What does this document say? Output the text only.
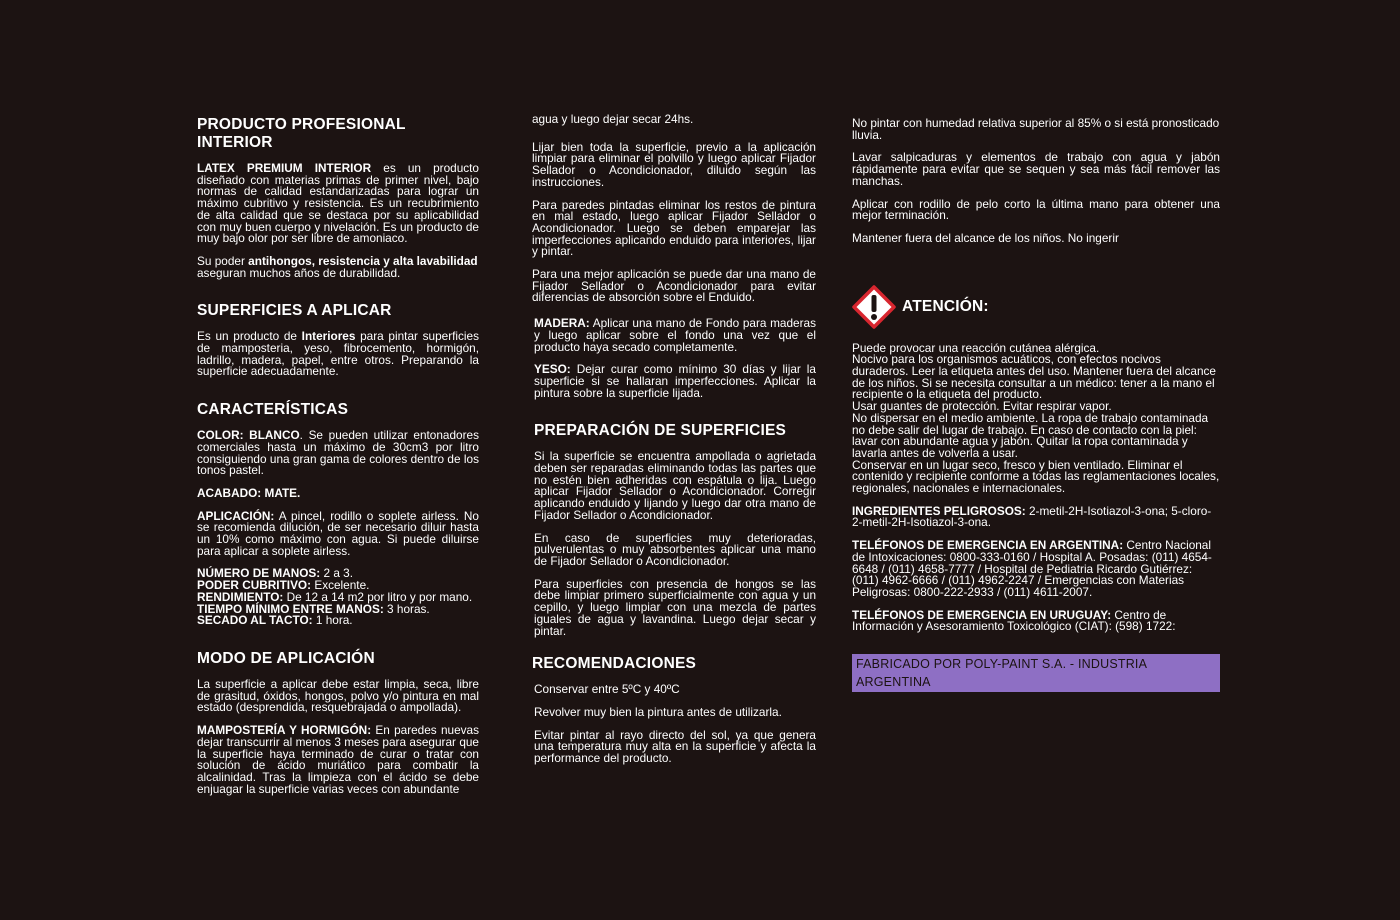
PRODUCTO PROFESIONAL INTERIOR

LATEX PREMIUM INTERIOR es un producto diseñado con materias primas de primer nivel, bajo normas de calidad estandarizadas para lograr un máximo cubritivo y resistencia. Es un recubrimiento de alta calidad que se destaca por su aplicabilidad con muy buen cuerpo y nivelación. Es un producto de muy bajo olor por ser libre de amoniaco.

Su poder antihongos, resistencia y alta lavabilidad aseguran muchos años de durabilidad.

SUPERFICIES A APLICAR

Es un producto de Interiores para pintar superficies de mamposteria, yeso, fibrocemento, hormigón, ladrillo, madera, papel, entre otros. Preparando la superficie adecuadamente.

CARACTERÍSTICAS

COLOR: BLANCO. Se pueden utilizar entonadores comerciales hasta un máximo de 30cm3 por litro consiguiendo una gran gama de colores dentro de los tonos pastel.

ACABADO: MATE.

APLICACIÓN: A pincel, rodillo o soplete airless. No se recomienda dilución, de ser necesario diluir hasta un 10% como máximo con agua. Si puede diluirse para aplicar a soplete airless.

NÚMERO DE MANOS: 2 a 3.

PODER CUBRITIVO: Excelente.

RENDIMIENTO: De 12 a 14 m2 por litro y por mano.

TIEMPO MÍNIMO ENTRE MANOS: 3 horas.

SECADO AL TACTO: 1 hora.

MODO DE APLICACIÓN

La superficie a aplicar debe estar limpia, seca, libre de grasitud, óxidos, hongos, polvo y/o pintura en mal estado (desprendida, resquebrajada o ampollada).

MAMPOSTERÍA Y HORMIGÓN: En paredes nuevas dejar transcurrir al menos 3 meses para asegurar que la superficie haya terminado de curar o tratar con solución de ácido muriático para combatir la alcalinidad. Tras la limpieza con el ácido se debe enjuagar la superficie varias veces con abundante

agua y luego dejar secar 24hs.

Lijar bien toda la superficie, previo a la aplicación limpiar para eliminar el polvillo y luego aplicar Fijador Sellador o Acondicionador, diluido según las instrucciones.

Para paredes pintadas eliminar los restos de pintura en mal estado, luego aplicar Fijador Sellador o Acondicionador. Luego se deben emparejar las imperfecciones aplicando enduido para interiores, lijar y pintar.

Para una mejor aplicación se puede dar una mano de Fijador Sellador o Acondicionador para evitar diferencias de absorción sobre el Enduido.

MADERA: Aplicar una mano de Fondo para maderas y luego aplicar sobre el fondo una vez que el producto haya secado completamente.

YESO: Dejar curar como mínimo 30 días y lijar la superficie si se hallaran imperfecciones. Aplicar la pintura sobre la superficie lijada.

PREPARACIÓN DE SUPERFICIES

Si la superficie se encuentra ampollada o agrietada deben ser reparadas eliminando todas las partes que no estén bien adheridas con espátula o lija. Luego aplicar Fijador Sellador o Acondicionador. Corregir aplicando enduido y lijando y luego dar otra mano de Fijador Sellador o Acondicionador.

En caso de superficies muy deterioradas, pulverulentas o muy absorbentes aplicar una mano de Fijador Sellador o Acondicionador.

Para superficies con presencia de hongos se las debe limpiar primero superficialmente con agua y un cepillo, y luego limpiar con una mezcla de partes iguales de agua y lavandina. Luego dejar secar y pintar.

RECOMENDACIONES

Conservar entre 5ºC y 40ºC

Revolver muy bien la pintura antes de utilizarla.

Evitar pintar al rayo directo del sol, ya que genera una temperatura muy alta en la superficie y afecta la performance del producto.

No pintar con humedad relativa superior al 85% o si está pronosticado lluvia.

Lavar salpicaduras y elementos de trabajo con agua y jabón rápidamente para evitar que se sequen y sea más fácil remover las manchas.

Aplicar con rodillo de pelo corto la última mano para obtener una mejor terminación.

Mantener fuera del alcance de los niños. No ingerir

ATENCIÓN:

Puede provocar una reacción cutánea alérgica.

Nocivo para los organismos acuáticos, con efectos nocivos duraderos. Leer la etiqueta antes del uso. Mantener fuera del alcance de los niños. Si se necesita consultar a un médico: tener a la mano el recipiente o la etiqueta del producto.

Usar guantes de protección. Evitar respirar vapor.

No dispersar en el medio ambiente. La ropa de trabajo contaminada no debe salir del lugar de trabajo. En caso de contacto con la piel: lavar con abundante agua y jabón. Quitar la ropa contaminada y lavarla antes de volverla a usar.

Conservar en un lugar seco, fresco y bien ventilado. Eliminar el contenido y recipiente conforme a todas las reglamentaciones locales, regionales, nacionales e internacionales.

INGREDIENTES PELIGROSOS: 2-metil-2H-Isotiazol-3-ona; 5-cloro-2-metil-2H-Isotiazol-3-ona.

TELÉFONOS DE EMERGENCIA EN ARGENTINA: Centro Nacional de Intoxicaciones: 0800-333-0160 / Hospital A. Posadas: (011) 4654-6648 / (011) 4658-7777 / Hospital de Pediatria Ricardo Gutiérrez: (011) 4962-6666 / (011) 4962-2247 / Emergencias con Materias Peligrosas: 0800-222-2933 / (011) 4611-2007.

TELÉFONOS DE EMERGENCIA EN URUGUAY: Centro de Información y Asesoramiento Toxicológico (CIAT): (598) 1722:

FABRICADO POR POLY-PAINT S.A. - INDUSTRIA ARGENTINA
